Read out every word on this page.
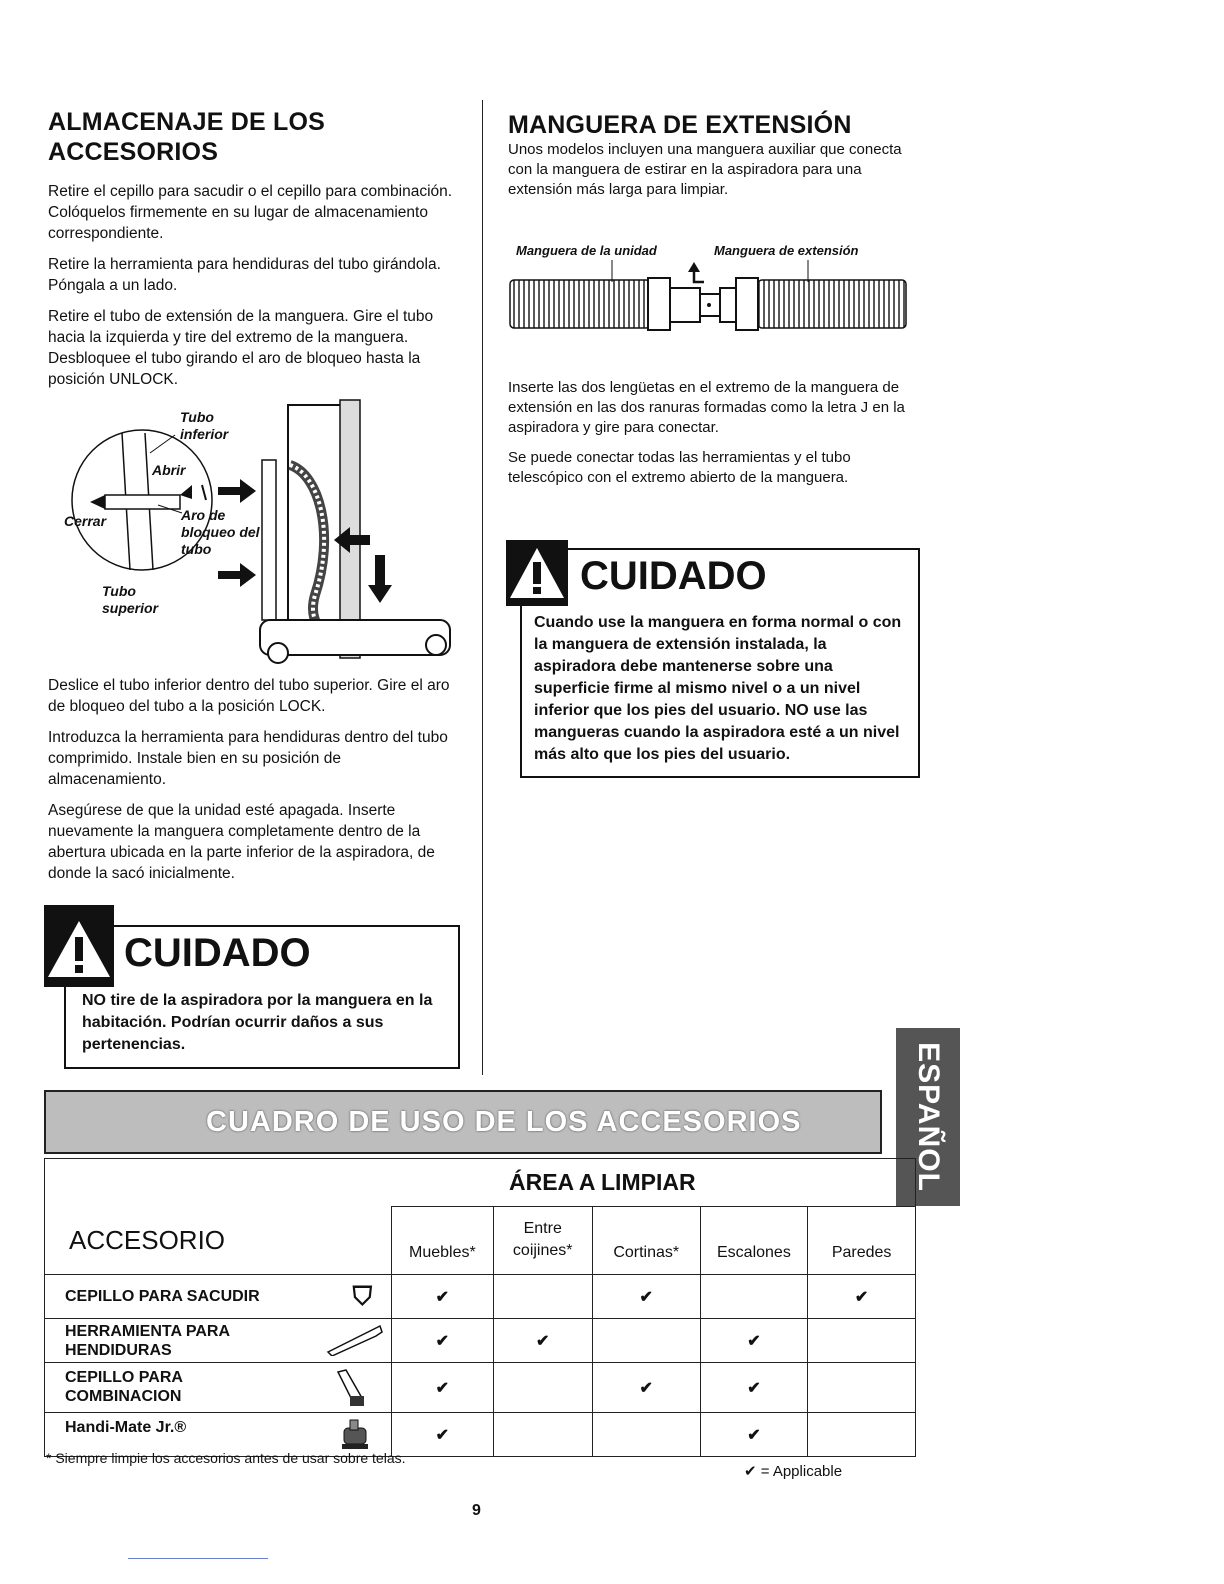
ALMACENAJE DE LOS ACCESORIOS

Retire el cepillo para sacudir o el cepillo para combinación. Colóquelos firmemente en su lugar de almacenamiento correspondiente.

Retire la herramienta para hendiduras del tubo girándola. Póngala a un lado.

Retire el tubo de extensión de la manguera. Gire el tubo hacia la izquierda y tire del extremo de la manguera. Desbloquee el tubo girando el aro de bloqueo hasta la posición UNLOCK.

Tubo inferior
Abrir
Cerrar	Aro de bloqueo del tubo
Tubo superior

Deslice el tubo inferior dentro del tubo superior. Gire el aro de bloqueo del tubo a la posición LOCK.

Introduzca la herramienta para hendiduras dentro del tubo comprimido. Instale bien en su posición de almacenamiento.

Asegúrese de que la unidad esté apagada. Inserte nuevamente la manguera completamente dentro de la abertura ubicada en la parte inferior de la aspiradora, de donde la sacó inicialmente.

CUIDADO
NO tire de la aspiradora por la manguera en la habitación. Podrían ocurrir daños a sus pertenencias.
MANGUERA DE EXTENSIÓN

Unos modelos incluyen una manguera auxiliar que conecta con la manguera de estirar en la aspiradora para una extensión más larga para limpiar.

Manguera de la unidad	Manguera de extensión

Inserte las dos lengüetas en el extremo de la manguera de extensión en las dos ranuras formadas como la letra J en la aspiradora y gire para conectar.

Se puede conectar todas las herramientas y el tubo telescópico con el extremo abierto de la manguera.

CUIDADO
Cuando use la manguera en forma normal o con la manguera de extensión instalada, la aspiradora debe mantenerse sobre una superficie firme al mismo nivel o a un nivel inferior que los pies del usuario. NO use las mangueras cuando la aspiradora esté a un nivel más alto que los pies del usuario.
ESPAÑOL
CUADRO DE USO DE LOS ACCESORIOS
ÁREA A LIMPIAR					
ACCESORIO	Muebles*	Entre coijines*	Cortinas*	Escalones	Paredes
CEPILLO PARA SACUDIR ⛉	✔		✔		✔
HERRAMIENTA PARA HENDIDURAS	✔	✔		✔	
CEPILLO PARA COMBINACION	✔		✔	✔	
Handi-Mate Jr.®	✔			✔	
* Siempre limpie los accesorios antes de usar sobre telas.
✔ = Applicable
9
